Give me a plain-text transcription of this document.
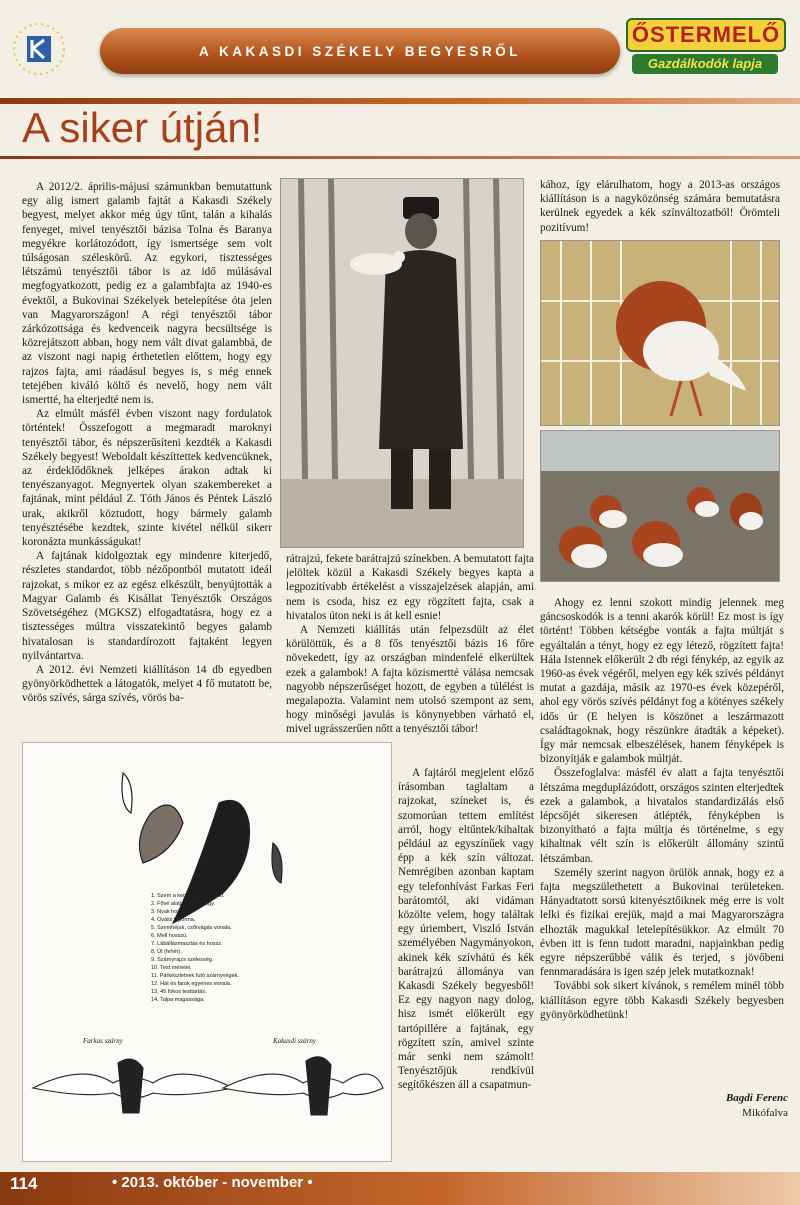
A KAKASDI SZÉKELY BEGYESRŐL
ŐSTERMELŐ
Gazdálkodók lapja
A siker útján!

A 2012/2. április-májusi számunkban bemutattunk egy alig ismert galamb fajtát a Kakasdi Székely begyest, melyet akkor még úgy tűnt, talán a kihalás fenyeget, mivel tenyésztői bázisa Tolna és Baranya megyékre korlátozódott, így ismertsége sem volt túlságosan széleskörű. Az egykori, tisztességes létszámú tenyésztői tábor is az idő múlásával megfogyatkozott, pedig ez a galambfajta az 1940-es évektől, a Bukovinai Székelyek betelepítése óta jelen van Magyarországon! A régi tenyésztői tábor zárkózottsága és kedvenceik nagyra becsültsége is közrejátszott abban, hogy nem vált divat galambbá, de az viszont nagi napig érthetetlen előttem, hogy egy rajzos fajta, ami ráadásul begyes is, s még ennek tetejében kiváló költő és nevelő, hogy nem vált ismertté, ha elterjedté nem is.

Az elmúlt másfél évben viszont nagy fordulatok történtek! Összefogott a megmaradt maroknyi tenyésztői tábor, és népszerűsíteni kezdték a Kakasdi Székely begyest! Weboldalt készíttettek kedvencüknek, az érdeklődőknek jelképes árakon adtak ki tenyészanyagot. Megnyertek olyan szakembereket a fajtának, mint például Z. Tóth János és Péntek László urak, akikről köztudott, hogy bármely galamb tenyésztésébe kezdtek, szinte kivétel nélkül sikerr koronázta munkásságukat!

A fajtának kidolgoztak egy mindenre kiterjedő, részletes standardot, több nézőpontból mutatott ideál rajzokat, s mikor ez az egész elkészült, benyújtották a Magyar Galamb és Kisállat Tenyésztők Országos Szövetségéhez (MGKSZ) elfogadtatásra, hogy ez a tisztességes múltra visszatekintő begyes galamb hivatalosan is standardírozott fajtaként legyen nyilvántartva.

A 2012. évi Nemzeti kiállításon 14 db egyedben gyönyörködhettek a látogatók, melyet 4 fő mutatott be, vörös szívés, sárga szívés, vörös ba-

rátrajzú, fekete barátrajzú színekben. A bemutatott fajta jelöltek közül a Kakasdi Székely begyes kapta a legpozitívabb értékelést a visszajelzések alapján, ami nem is csoda, hisz ez egy rögzített fajta, csak a hivatalos úton neki is át kell esnie!

A Nemzeti kiállítás után felpezsdült az élet körülöttük, és a 8 fős tenyésztői bázis 16 főre növekedett, így az országban mindenfelé elkerültek ezek a galambok! A fajta közismertté válása nemcsak nagyobb népszerűséget hozott, de egyben a túlélést is megalapozta. Valamint nem utolsó szempont az sem, hogy minőségi javulás is könynyebben várható el, mivel ugrásszerűen nőtt a tenyésztői tábor!

A fajtáról megjelent előző írásomban taglaltam a rajzokat, színeket is, és szomorúan tettem említést arról, hogy eltűntek/kihaltak például az egyszínűek vagy épp a kék szín változat. Nemrégiben azonban kaptam egy telefonhívást Farkas Feri barátomtól, aki vidáman közölte velem, hogy találtak egy úriembert, Viszló István személyében Nagymányokon, akinek kék szívhátú és kék barátrajzú állománya van Kakasdi Székely begyesből! Ez egy nagyon nagy dolog, hisz ismét előkerült egy tartópillére a fajtának, egy rögzített szín, amivel szinte már senki nem számolt! Tenyésztőjük rendkívül segítőkészen áll a csapatmun-

1. Szem a kemuk vonala alatt.
2. Fővé alatja, hátsó begy.
3. Nyak hosszú.
4. Ovális fejforma.
5. Szemhéjak, csőrvágás vonala.
6. Mell hosszú.
7. Lábállásmaszlás és hossz.
8. Út (fehér).
9. Szárnyrajzs szélesség.
10. Test méretei.
11. Párkészletnek futó szárnyvégek.
12. Hát és farok egyenes vonala.
13. 45 fokos testtartás.
14. Talpa magassága.
Farkas szárny	Kakasdi szárny

kához, így elárulhatom, hogy a 2013-as országos kiállításon is a nagyközönség számára bemutatásra kerülnek egyedek a kék színváltozatból! Örömteli pozitívum!

Ahogy ez lenni szokott mindig jelennek meg gáncsoskodók is a tenni akarók körül! Ez most is így történt! Többen kétségbe vonták a fajta múltját s egyáltalán a tényt, hogy ez egy létező, rögzített fajta! Hála Istennek előkerült 2 db régi fénykép, az egyik az 1960-as évek végéről, melyen egy kék szívés példányt mutat a gazdája, másik az 1970-es évek közepéről, ahol egy vörös szívés példányt fog a kötényes székely idős úr (E helyen is köszönet a leszármazott családtagoknak, hogy részünkre átadták a képeket). Így már nemcsak elbeszélések, hanem fényképek is bizonyítják e galambok múltját.

Összefoglalva: másfél év alatt a fajta tenyésztői létszáma megduplázódott, országos szinten elterjedtek ezek a galambok, a hivatalos standardizálás első lépcsőjét sikeresen átlépték, fényképben is bizonyítható a fajta múltja és történelme, s egy kihaltnak vélt szín is előkerült állomány szintű létszámban.

Személy szerint nagyon örülök annak, hogy ez a fajta megszülethetett a Bukovinai területeken. Hányadtatott sorsú kitenyésztőiknek még erre is volt lelki és fizikai erejük, majd a mai Magyarországra elhozták magukkal letelepítésükkor. Az elmúlt 70 évben itt is fenn tudott maradni, napjainkban pedig egyre népszerűbbé válik és terjed, s jövőbeni fennmaradására is igen szép jelek mutatkoznak!

További sok sikert kívánok, s remélem minél több kiállításon egyre több Kakasdi Székely begyesben gyönyörködhetünk!

Bagdi Ferenc
Mikófalva
114	• 2013. október - november •
